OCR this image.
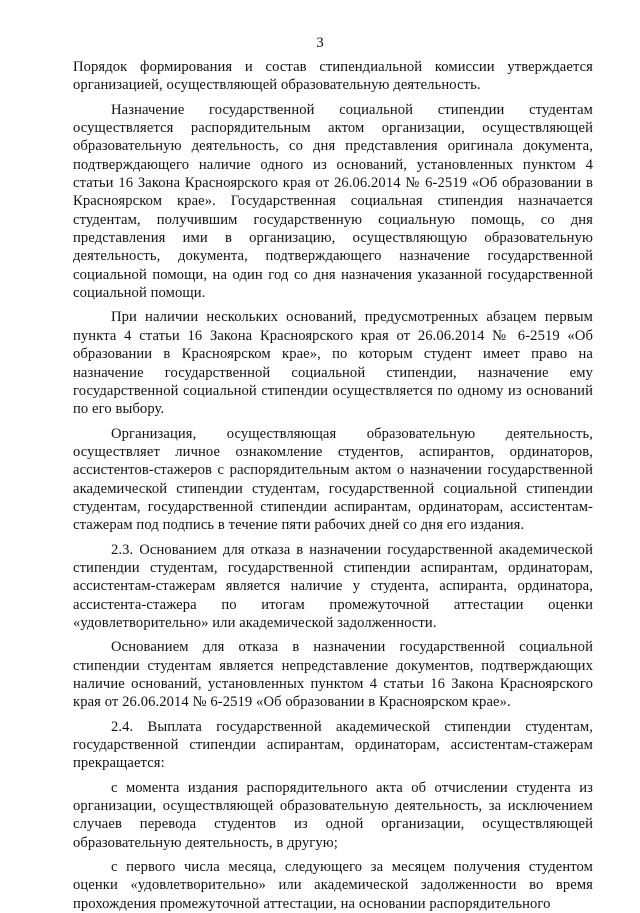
3

Порядок формирования и состав стипендиальной комиссии утверждается организацией, осуществляющей образовательную деятельность.

Назначение государственной социальной стипендии студентам осуществляется распорядительным актом организации, осуществляющей образовательную деятельность, со дня представления оригинала документа, подтверждающего наличие одного из оснований, установленных пунктом 4 статьи 16 Закона Красноярского края от 26.06.2014 № 6-2519 «Об образовании в Красноярском крае». Государственная социальная стипендия назначается студентам, получившим государственную социальную помощь, со дня представления ими в организацию, осуществляющую образовательную деятельность, документа, подтверждающего назначение государственной социальной помощи, на один год со дня назначения указанной государственной социальной помощи.

При наличии нескольких оснований, предусмотренных абзацем первым пункта 4 статьи 16 Закона Красноярского края от 26.06.2014 № 6-2519 «Об образовании в Красноярском крае», по которым студент имеет право на назначение государственной социальной стипендии, назначение ему государственной социальной стипендии осуществляется по одному из оснований по его выбору.

Организация, осуществляющая образовательную деятельность, осуществляет личное ознакомление студентов, аспирантов, ординаторов, ассистентов-стажеров с распорядительным актом о назначении государственной академической стипендии студентам, государственной социальной стипендии студентам, государственной стипендии аспирантам, ординаторам, ассистентам-стажерам под подпись в течение пяти рабочих дней со дня его издания.

2.3. Основанием для отказа в назначении государственной академической стипендии студентам, государственной стипендии аспирантам, ординаторам, ассистентам-стажерам является наличие у студента, аспиранта, ординатора, ассистента-стажера по итогам промежуточной аттестации оценки «удовлетворительно» или академической задолженности.

Основанием для отказа в назначении государственной социальной стипендии студентам является непредставление документов, подтверждающих наличие оснований, установленных пунктом 4 статьи 16 Закона Красноярского края от 26.06.2014 № 6-2519 «Об образовании в Красноярском крае».

2.4. Выплата государственной академической стипендии студентам, государственной стипендии аспирантам, ординаторам, ассистентам-стажерам прекращается:

с момента издания распорядительного акта об отчислении студента из организации, осуществляющей образовательную деятельность, за исключением случаев перевода студентов из одной организации, осуществляющей образовательную деятельность, в другую;

с первого числа месяца, следующего за месяцем получения студентом оценки «удовлетворительно» или академической задолженности во время прохождения промежуточной аттестации, на основании распорядительного
